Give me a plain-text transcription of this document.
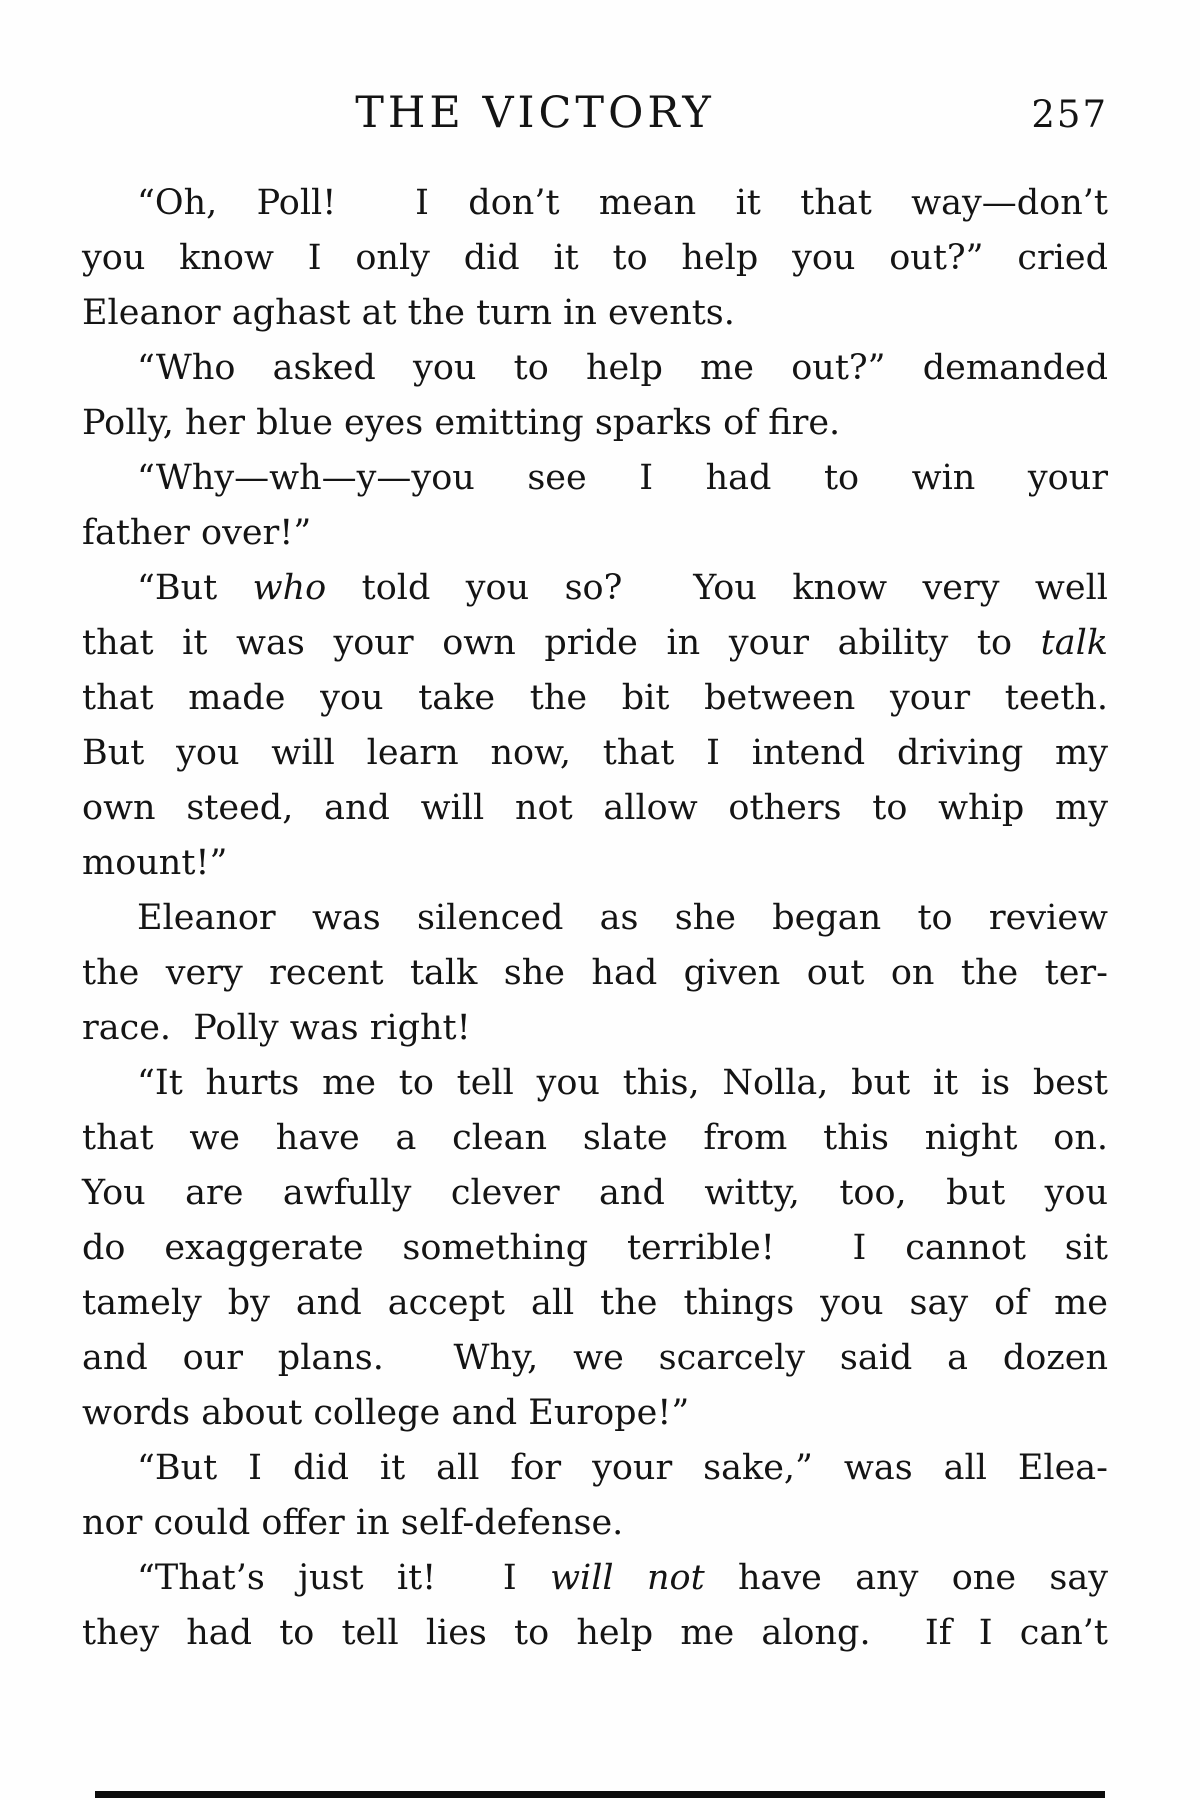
THE VICTORY	257
“Oh, Poll!  I don’t mean it that way—don’t
you know I only did it to help you out?” cried
Eleanor aghast at the turn in events.
“Who asked you to help me out?” demanded
Polly, her blue eyes emitting sparks of fire.
“Why—wh—y—you see I had to win your
father over!”
“But who told you so?  You know very well
that it was your own pride in your ability to talk
that made you take the bit between your teeth.
But you will learn now, that I intend driving my
own steed, and will not allow others to whip my
mount!”
Eleanor was silenced as she began to review
the very recent talk she had given out on the ter-
race.  Polly was right!
“It hurts me to tell you this, Nolla, but it is best
that we have a clean slate from this night on.
You are awfully clever and witty, too, but you
do exaggerate something terrible!  I cannot sit
tamely by and accept all the things you say of me
and our plans.  Why, we scarcely said a dozen
words about college and Europe!”
“But I did it all for your sake,” was all Elea-
nor could offer in self-defense.
“That’s just it!  I will not have any one say
they had to tell lies to help me along.  If I can’t
